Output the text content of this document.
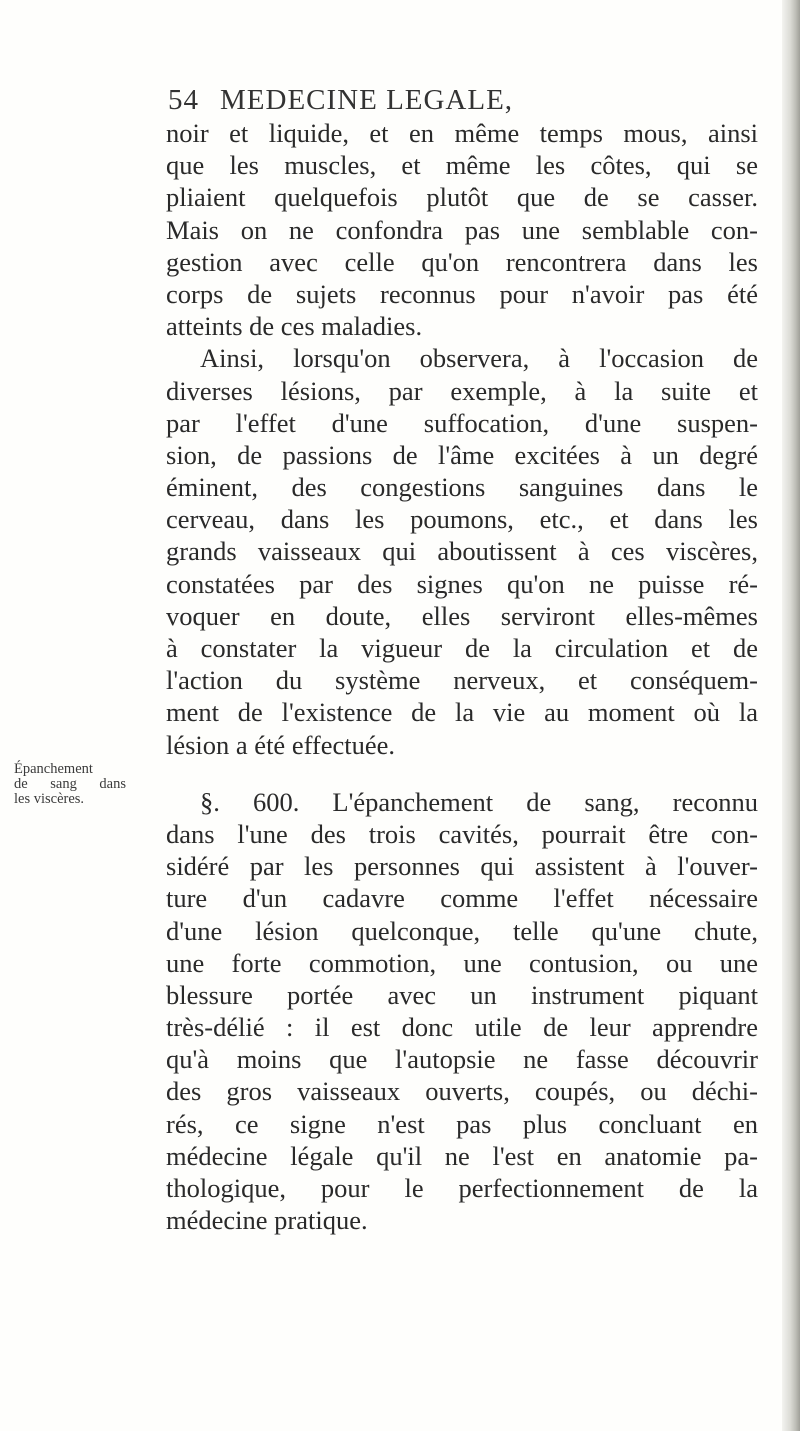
54 MEDECINE LEGALE,
Épanchement
de sang dans
les viscères.
noir et liquide, et en même temps mous, ainsi
que les muscles, et même les côtes, qui se
pliaient quelquefois plutôt que de se casser.
Mais on ne confondra pas une semblable con-
gestion avec celle qu'on rencontrera dans les
corps de sujets reconnus pour n'avoir pas été
atteints de ces maladies.
Ainsi, lorsqu'on observera, à l'occasion de
diverses lésions, par exemple, à la suite et
par l'effet d'une suffocation, d'une suspen-
sion, de passions de l'âme excitées à un degré
éminent, des congestions sanguines dans le
cerveau, dans les poumons, etc., et dans les
grands vaisseaux qui aboutissent à ces viscères,
constatées par des signes qu'on ne puisse ré-
voquer en doute, elles serviront elles-mêmes
à constater la vigueur de la circulation et de
l'action du système nerveux, et conséquem-
ment de l'existence de la vie au moment où la
lésion a été effectuée.
§. 600. L'épanchement de sang, reconnu
dans l'une des trois cavités, pourrait être con-
sidéré par les personnes qui assistent à l'ouver-
ture d'un cadavre comme l'effet nécessaire
d'une lésion quelconque, telle qu'une chute,
une forte commotion, une contusion, ou une
blessure portée avec un instrument piquant
très-délié : il est donc utile de leur apprendre
qu'à moins que l'autopsie ne fasse découvrir
des gros vaisseaux ouverts, coupés, ou déchi-
rés, ce signe n'est pas plus concluant en
médecine légale qu'il ne l'est en anatomie pa-
thologique, pour le perfectionnement de la
médecine pratique.
